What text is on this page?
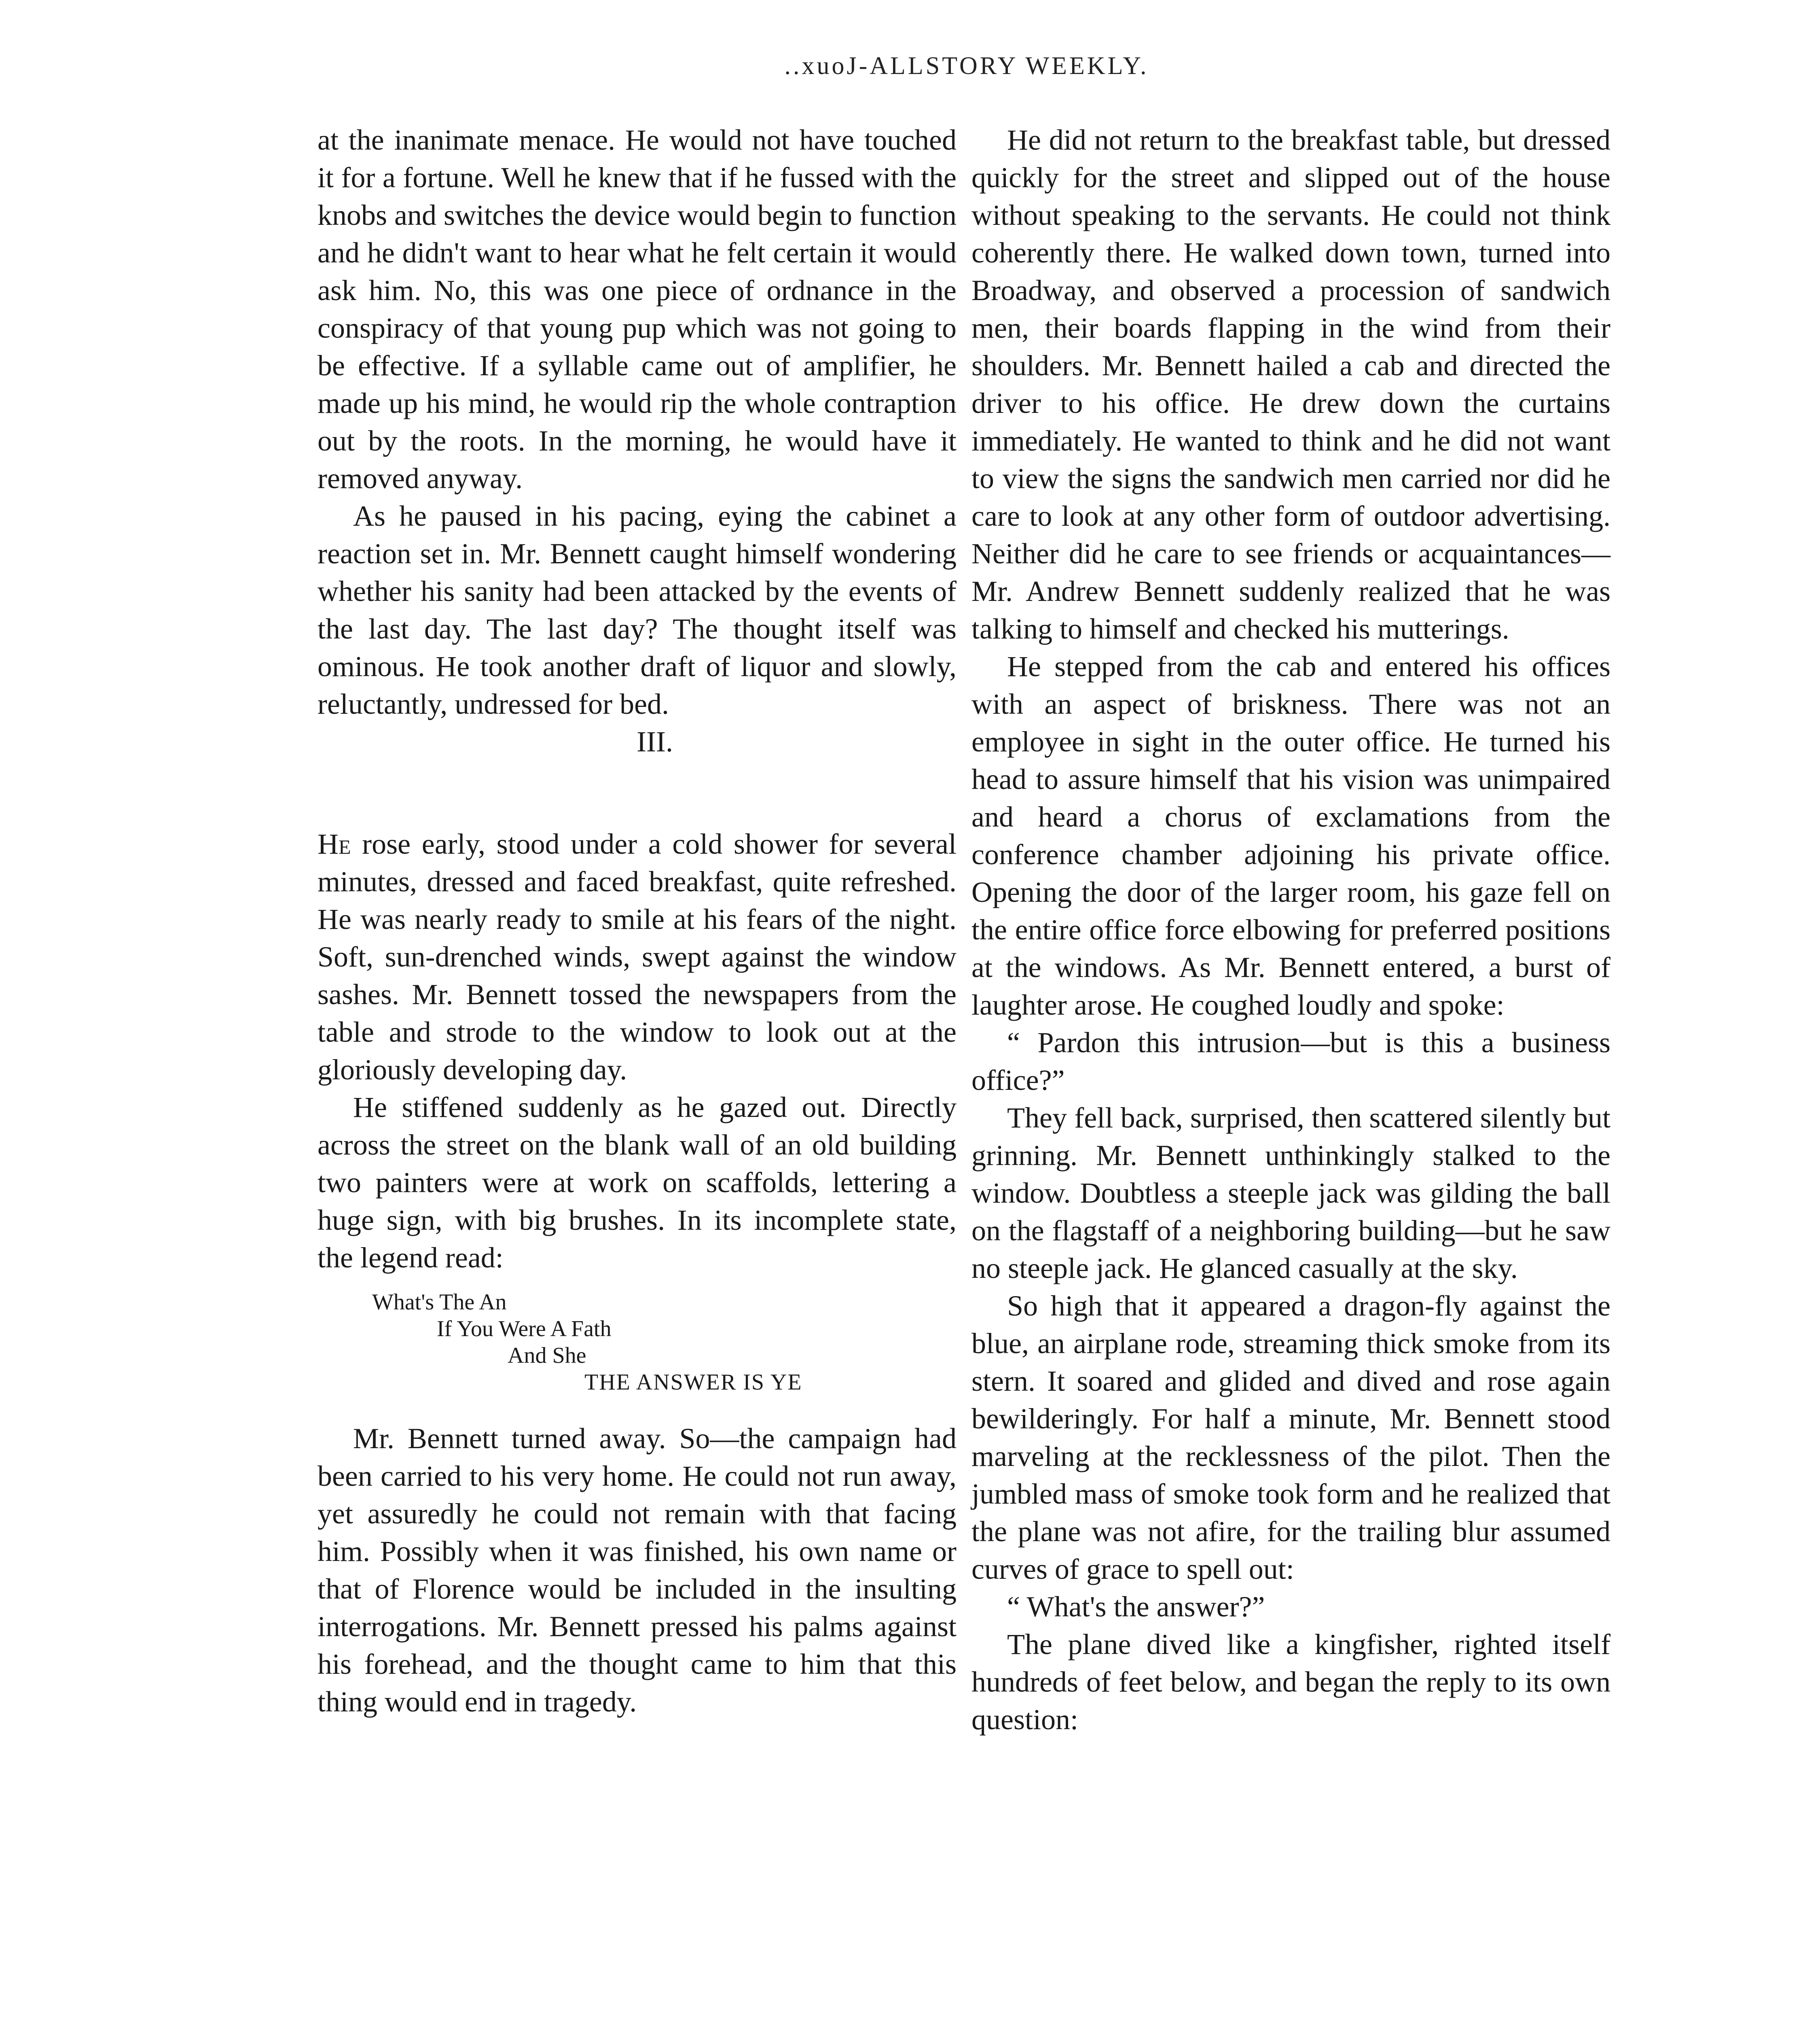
..xuoJ-ALLSTORY WEEKLY.

at the inanimate menace. He would not have touched it for a fortune. Well he knew that if he fussed with the knobs and switches the device would begin to function and he didn't want to hear what he felt certain it would ask him. No, this was one piece of ordnance in the conspiracy of that young pup which was not going to be effective. If a syllable came out of amplifier, he made up his mind, he would rip the whole contraption out by the roots. In the morning, he would have it removed anyway.

As he paused in his pacing, eying the cabinet a reaction set in. Mr. Bennett caught himself wondering whether his sanity had been attacked by the events of the last day. The last day? The thought itself was ominous. He took another draft of liquor and slowly, reluctantly, undressed for bed.

III.

He rose early, stood under a cold shower for several minutes, dressed and faced breakfast, quite refreshed. He was nearly ready to smile at his fears of the night. Soft, sun-drenched winds, swept against the window sashes. Mr. Bennett tossed the newspapers from the table and strode to the window to look out at the gloriously developing day.

He stiffened suddenly as he gazed out. Directly across the street on the blank wall of an old building two painters were at work on scaffolds, lettering a huge sign, with big brushes. In its incomplete state, the legend read:

What's The An
If You Were A Fath
And She
THE ANSWER IS YE

Mr. Bennett turned away. So—the campaign had been carried to his very home. He could not run away, yet assuredly he could not remain with that facing him. Possibly when it was finished, his own name or that of Florence would be included in the insulting interrogations. Mr. Bennett pressed his palms against his forehead, and the thought came to him that this thing would end in tragedy.

He did not return to the breakfast table, but dressed quickly for the street and slipped out of the house without speaking to the servants. He could not think coherently there. He walked down town, turned into Broadway, and observed a procession of sandwich men, their boards flapping in the wind from their shoulders. Mr. Bennett hailed a cab and directed the driver to his office. He drew down the curtains immediately. He wanted to think and he did not want to view the signs the sandwich men carried nor did he care to look at any other form of outdoor advertising. Neither did he care to see friends or acquaintances—Mr. Andrew Bennett suddenly realized that he was talking to himself and checked his mutterings.

He stepped from the cab and entered his offices with an aspect of briskness. There was not an employee in sight in the outer office. He turned his head to assure himself that his vision was unimpaired and heard a chorus of exclamations from the conference chamber adjoining his private office. Opening the door of the larger room, his gaze fell on the entire office force elbowing for preferred positions at the windows. As Mr. Bennett entered, a burst of laughter arose. He coughed loudly and spoke:

“ Pardon this intrusion—but is this a business office?”

They fell back, surprised, then scattered silently but grinning. Mr. Bennett unthinkingly stalked to the window. Doubtless a steeple jack was gilding the ball on the flagstaff of a neighboring building—but he saw no steeple jack. He glanced casually at the sky.

So high that it appeared a dragon-fly against the blue, an airplane rode, streaming thick smoke from its stern. It soared and glided and dived and rose again bewilderingly. For half a minute, Mr. Bennett stood marveling at the recklessness of the pilot. Then the jumbled mass of smoke took form and he realized that the plane was not afire, for the trailing blur assumed curves of grace to spell out:

“ What's the answer?”

The plane dived like a kingfisher, righted itself hundreds of feet below, and began the reply to its own question:
